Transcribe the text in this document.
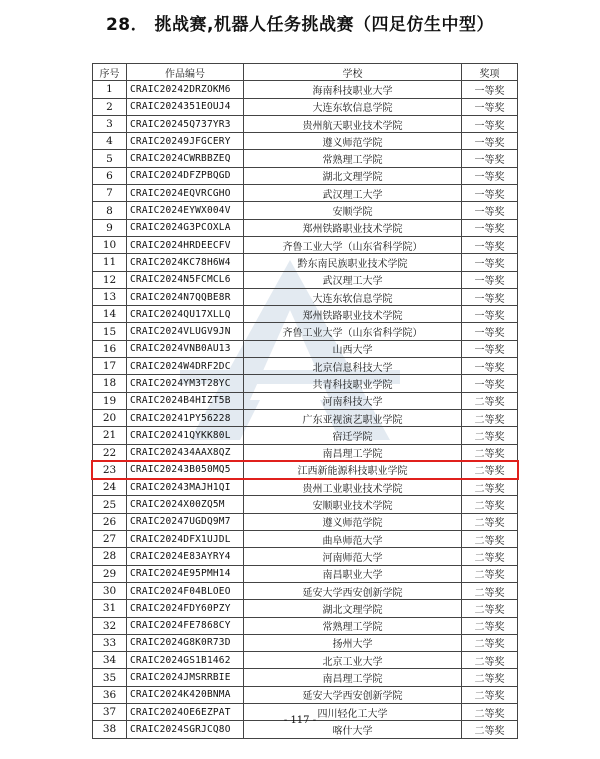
28． 挑战赛,机器人任务挑战赛（四足仿生中型）
序号	作品编号	学校	奖项
1	CRAIC20242DRZOKM6	海南科技职业大学	一等奖
2	CRAIC2024351EOUJ4	大连东软信息学院	一等奖
3	CRAIC20245Q737YR3	贵州航天职业技术学院	一等奖
4	CRAIC20249JFGCERY	遵义师范学院	一等奖
5	CRAIC2024CWRBBZEQ	常熟理工学院	一等奖
6	CRAIC2024DFZPBQGD	湖北文理学院	一等奖
7	CRAIC2024EQVRCGHO	武汉理工大学	一等奖
8	CRAIC2024EYWX004V	安顺学院	一等奖
9	CRAIC2024G3PCOXLA	郑州铁路职业技术学院	一等奖
10	CRAIC2024HRDEECFV	齐鲁工业大学（山东省科学院）	一等奖
11	CRAIC2024KC78H6W4	黔东南民族职业技术学院	一等奖
12	CRAIC2024N5FCMCL6	武汉理工大学	一等奖
13	CRAIC2024N7QQBE8R	大连东软信息学院	一等奖
14	CRAIC2024QU17XLLQ	郑州铁路职业技术学院	一等奖
15	CRAIC2024VLUGV9JN	齐鲁工业大学（山东省科学院）	一等奖
16	CRAIC2024VNB0AU13	山西大学	一等奖
17	CRAIC2024W4DRF2DC	北京信息科技大学	一等奖
18	CRAIC2024YM3T28YC	共青科技职业学院	一等奖
19	CRAIC2024B4HIZT5B	河南科技大学	二等奖
20	CRAIC20241PY56228	广东亚视演艺职业学院	二等奖
21	CRAIC20241QYKK80L	宿迁学院	二等奖
22	CRAIC202434AAX8QZ	南昌理工学院	二等奖
23	CRAIC20243B050MQ5	江西新能源科技职业学院	二等奖
24	CRAIC20243MAJH1QI	贵州工业职业技术学院	二等奖
25	CRAIC2024X00ZQ5M	安顺职业技术学院	二等奖
26	CRAIC20247UGDQ9M7	遵义师范学院	二等奖
27	CRAIC2024DFX1UJDL	曲阜师范大学	二等奖
28	CRAIC2024E83AYRY4	河南师范大学	二等奖
29	CRAIC2024E95PMH14	南昌职业大学	二等奖
30	CRAIC2024F04BLOEO	延安大学西安创新学院	二等奖
31	CRAIC2024FDY60PZY	湖北文理学院	二等奖
32	CRAIC2024FE7868CY	常熟理工学院	二等奖
33	CRAIC2024G8K0R73D	扬州大学	二等奖
34	CRAIC2024GS1B1462	北京工业大学	二等奖
35	CRAIC2024JMSRRBIE	南昌理工学院	二等奖
36	CRAIC2024K420BNMA	延安大学西安创新学院	二等奖
37	CRAIC2024OE6EZPAT	四川轻化工大学	二等奖
38	CRAIC2024SGRJCQ8O	喀什大学	二等奖
- 117 -
